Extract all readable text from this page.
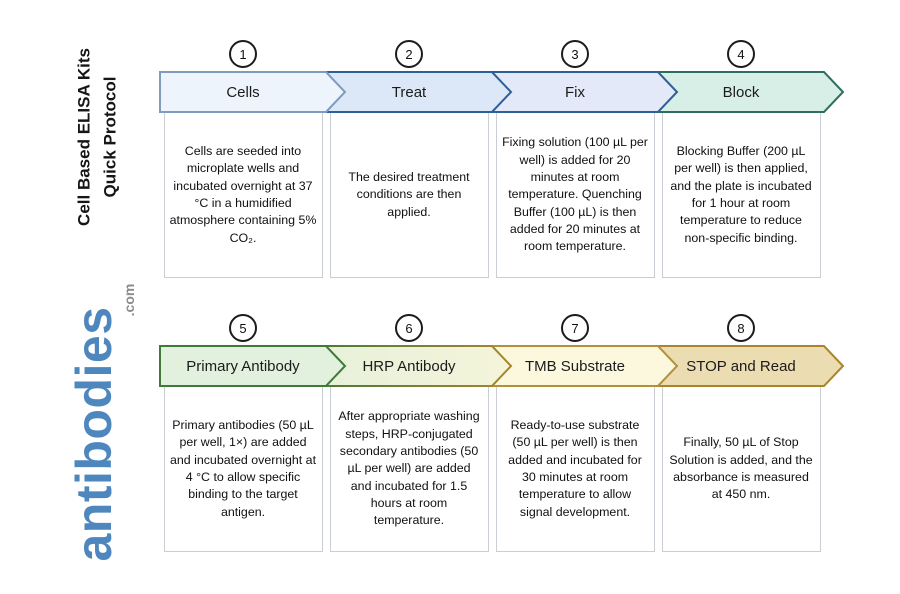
Cell Based ELISA Kits Quick Protocol
antibodies
.com
1
Cells

Cells are seeded into microplate wells and incubated overnight at 37 °C in a humidified atmosphere containing 5% CO₂.

2
Treat

The desired treatment conditions are then applied.

3
Fix

Fixing solution (100 µL per well) is added for 20 minutes at room temperature. Quenching Buffer (100 µL) is then added for 20 minutes at room temperature.

4
Block

Blocking Buffer (200 µL per well) is then applied, and the plate is incubated for 1 hour at room temperature to reduce non-specific binding.

5
Primary Antibody

Primary antibodies (50 µL per well, 1×) are added and incubated overnight at 4 °C to allow specific binding to the target antigen.

6
HRP Antibody

After appropriate washing steps, HRP-conjugated secondary antibodies (50 µL per well) are added and incubated for 1.5 hours at room temperature.

7
TMB Substrate

Ready-to-use substrate (50 µL per well) is then added and incubated for 30 minutes at room temperature to allow signal development.

8
STOP and Read

Finally, 50 µL of Stop Solution is added, and the absorbance is measured at 450 nm.
